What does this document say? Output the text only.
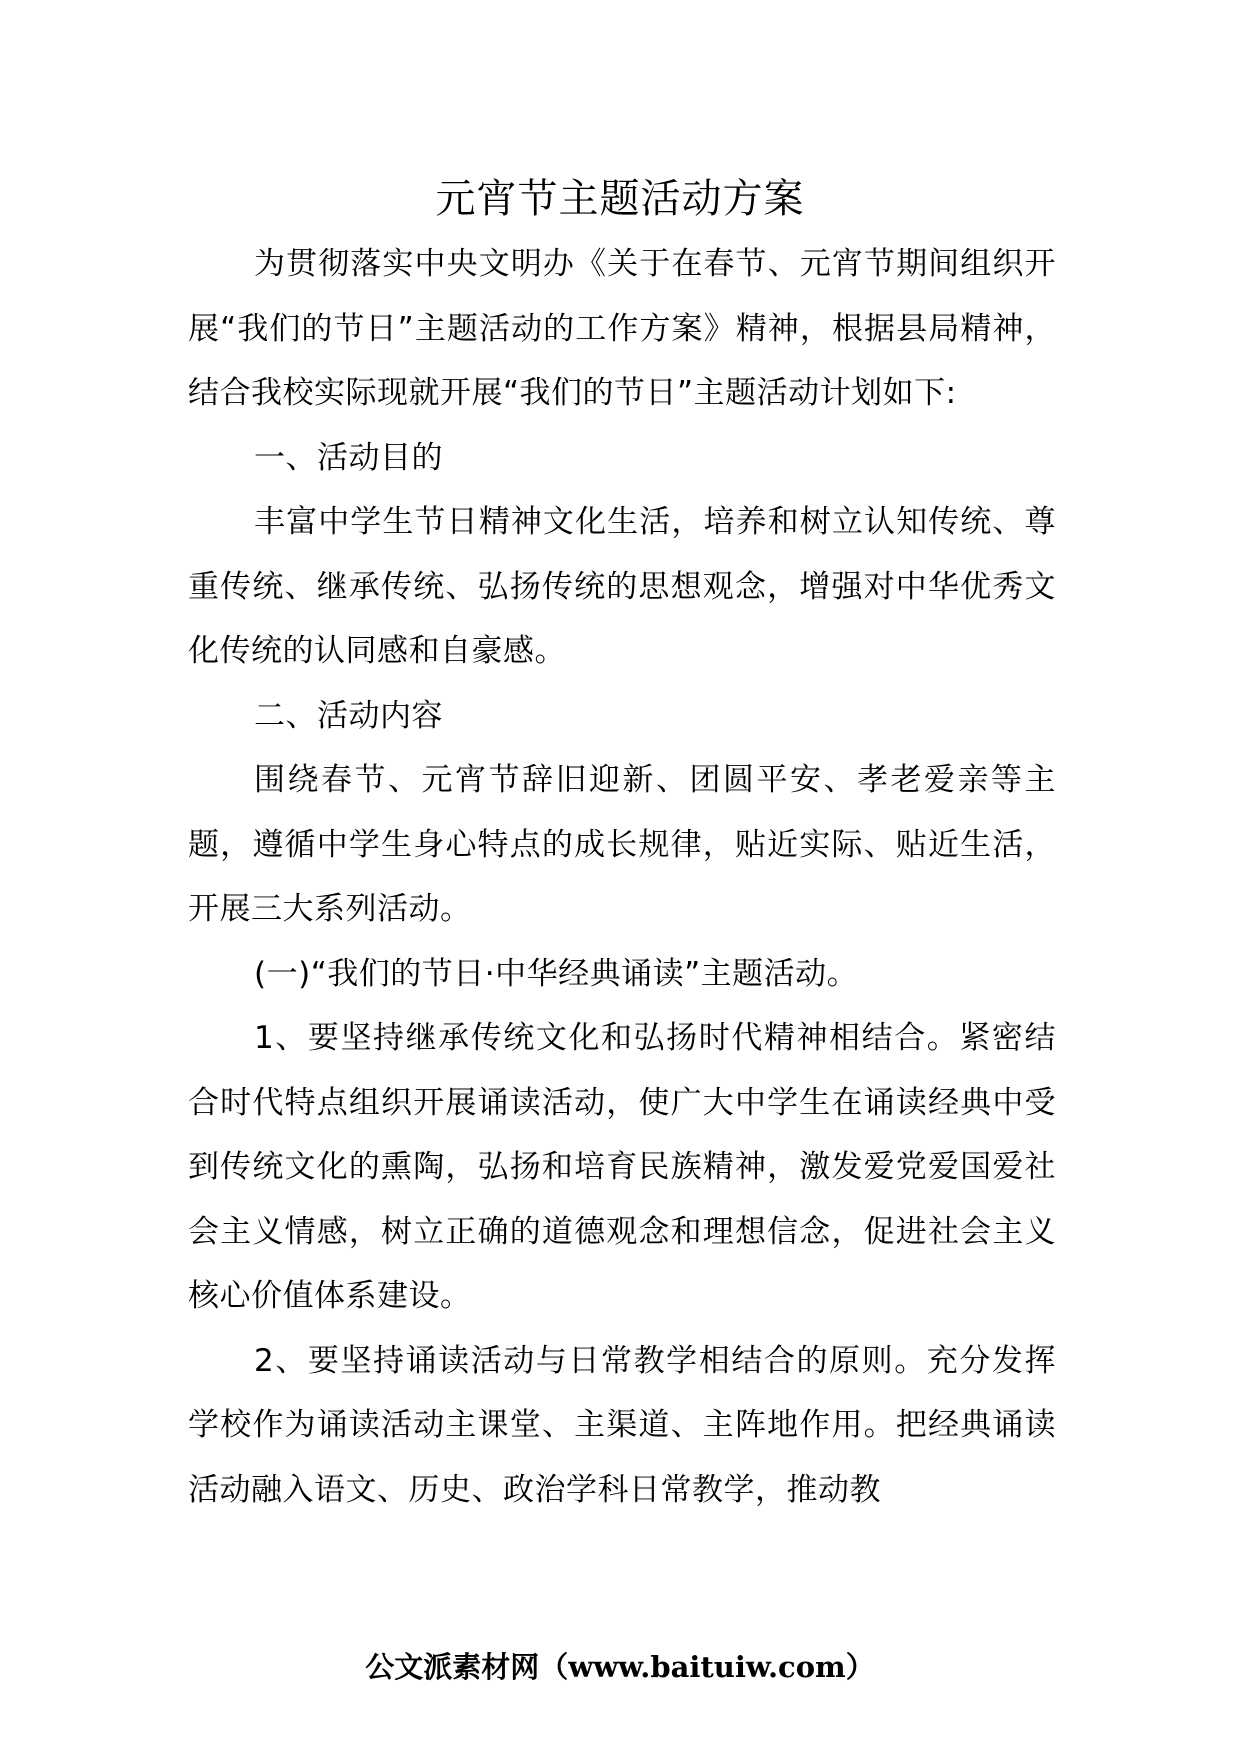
元宵节主题活动方案

为贯彻落实中央文明办《关于在春节、元宵节期间组织开展“我们的节日”主题活动的工作方案》精神，根据县局精神，结合我校实际现就开展“我们的节日”主题活动计划如下:

一、活动目的

丰富中学生节日精神文化生活，培养和树立认知传统、尊重传统、继承传统、弘扬传统的思想观念，增强对中华优秀文化传统的认同感和自豪感。

二、活动内容

围绕春节、元宵节辞旧迎新、团圆平安、孝老爱亲等主题，遵循中学生身心特点的成长规律，贴近实际、贴近生活，开展三大系列活动。

(一)“我们的节日·中华经典诵读”主题活动。

1、要坚持继承传统文化和弘扬时代精神相结合。紧密结合时代特点组织开展诵读活动，使广大中学生在诵读经典中受到传统文化的熏陶，弘扬和培育民族精神，激发爱党爱国爱社会主义情感，树立正确的道德观念和理想信念，促进社会主义核心价值体系建设。

2、要坚持诵读活动与日常教学相结合的原则。充分发挥学校作为诵读活动主课堂、主渠道、主阵地作用。把经典诵读活动融入语文、历史、政治学科日常教学，推动教

公文派素材网（www.baituiw.com）
